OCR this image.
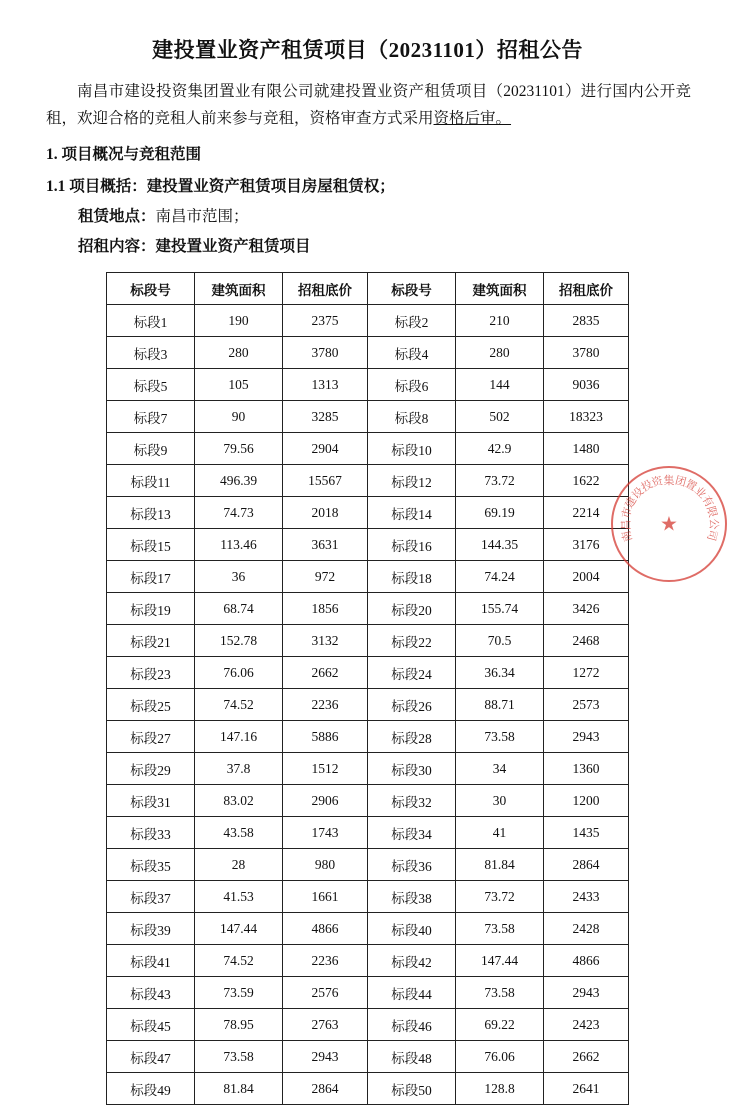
建投置业资产租赁项目（20231101）招租公告
南昌市建设投资集团置业有限公司就建投置业资产租赁项目（20231101）进行国内公开竞租，欢迎合格的竞租人前来参与竞租，资格审查方式采用资格后审。
1. 项目概况与竞租范围
1.1 项目概括：建投置业资产租赁项目房屋租赁权；
租赁地点：南昌市范围；
招租内容：建投置业资产租赁项目
标段号	建筑面积	招租底价	标段号	建筑面积	招租底价
标段1	190	2375	标段2	210	2835
标段3	280	3780	标段4	280	3780
标段5	105	1313	标段6	144	9036
标段7	90	3285	标段8	502	18323
标段9	79.56	2904	标段10	42.9	1480
标段11	496.39	15567	标段12	73.72	1622
标段13	74.73	2018	标段14	69.19	2214
标段15	113.46	3631	标段16	144.35	3176
标段17	36	972	标段18	74.24	2004
标段19	68.74	1856	标段20	155.74	3426
标段21	152.78	3132	标段22	70.5	2468
标段23	76.06	2662	标段24	36.34	1272
标段25	74.52	2236	标段26	88.71	2573
标段27	147.16	5886	标段28	73.58	2943
标段29	37.8	1512	标段30	34	1360
标段31	83.02	2906	标段32	30	1200
标段33	43.58	1743	标段34	41	1435
标段35	28	980	标段36	81.84	2864
标段37	41.53	1661	标段38	73.72	2433
标段39	147.44	4866	标段40	73.58	2428
标段41	74.52	2236	标段42	147.44	4866
标段43	73.59	2576	标段44	73.58	2943
标段45	78.95	2763	标段46	69.22	2423
标段47	73.58	2943	标段48	76.06	2662
标段49	81.84	2864	标段50	128.8	2641
南
昌
市
建
设
投
资
集
团
置
业
有
限
公
司
★
